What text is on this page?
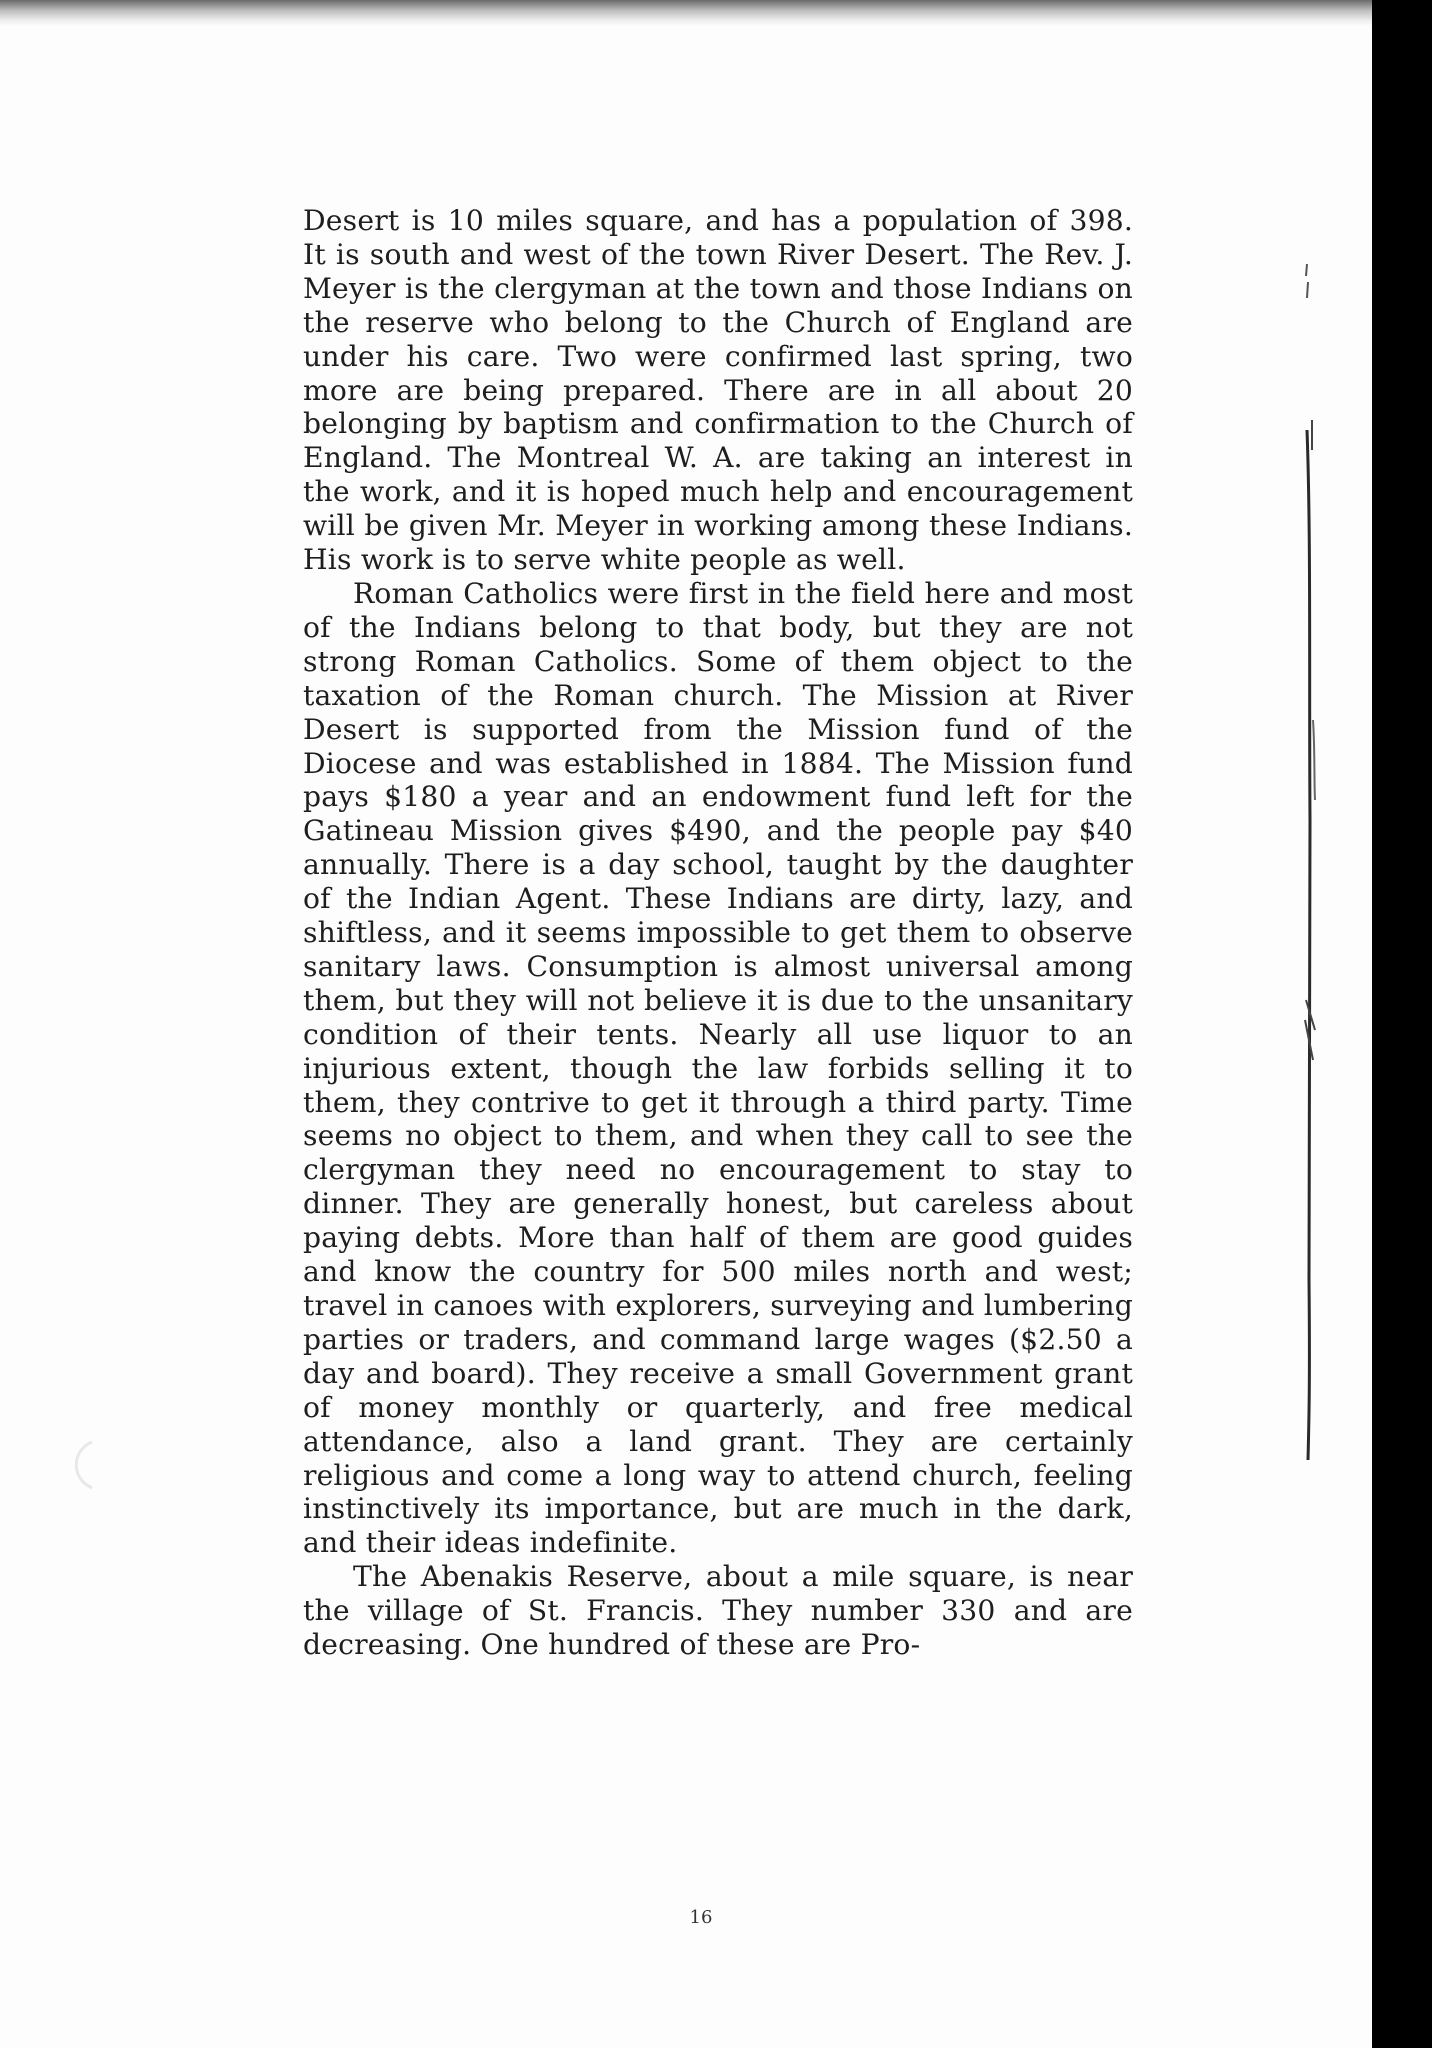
Desert is 10 miles square, and has a population of 398. It is south and west of the town River Desert. The Rev. J. Meyer is the clergyman at the town and those Indians on the reserve who belong to the Church of England are under his care. Two were confirmed last spring, two more are being prepared. There are in all about 20 belonging by baptism and confirmation to the Church of England. The Montreal W. A. are taking an interest in the work, and it is hoped much help and encouragement will be given Mr. Meyer in working among these Indians. His work is to serve white people as well.

Roman Catholics were first in the field here and most of the Indians belong to that body, but they are not strong Roman Catholics. Some of them object to the taxation of the Roman church. The Mission at River Desert is supported from the Mission fund of the Diocese and was established in 1884. The Mission fund pays $180 a year and an endowment fund left for the Gatineau Mission gives $490, and the people pay $40 annually. There is a day school, taught by the daughter of the Indian Agent. These Indians are dirty, lazy, and shiftless, and it seems impossible to get them to observe sanitary laws. Consumption is almost universal among them, but they will not believe it is due to the unsanitary condition of their tents. Nearly all use liquor to an injurious extent, though the law forbids selling it to them, they contrive to get it through a third party. Time seems no object to them, and when they call to see the clergyman they need no encouragement to stay to dinner. They are generally honest, but careless about paying debts. More than half of them are good guides and know the country for 500 miles north and west; travel in canoes with explorers, surveying and lumbering parties or traders, and command large wages ($2.50 a day and board). They receive a small Government grant of money monthly or quarterly, and free medical attendance, also a land grant. They are certainly religious and come a long way to attend church, feeling instinctively its importance, but are much in the dark, and their ideas indefinite.

The Abenakis Reserve, about a mile square, is near the village of St. Francis. They number 330 and are decreasing. One hundred of these are Pro-

16
